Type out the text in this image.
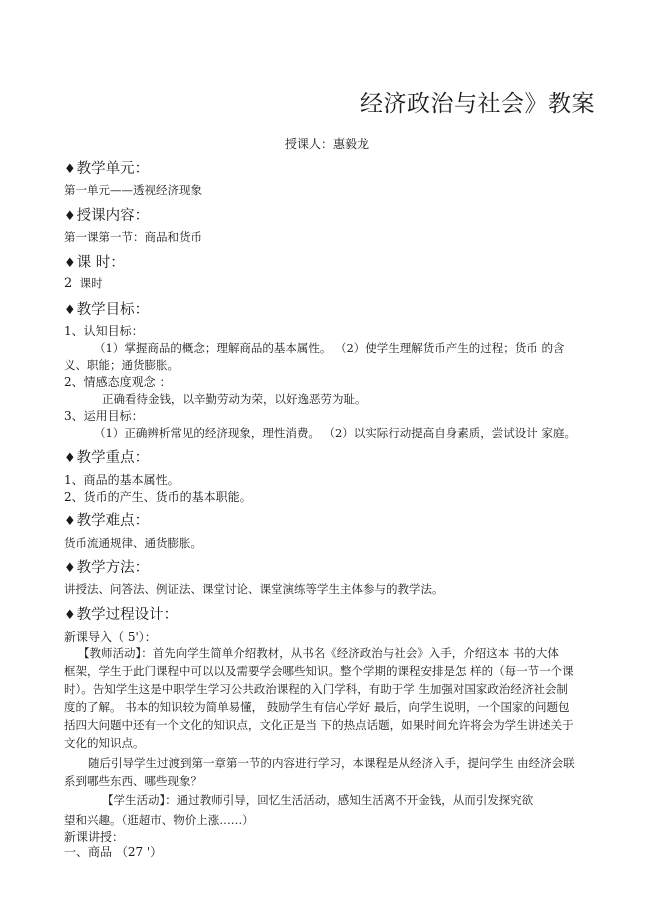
经济政治与社会》教案
授课人：惠毅龙
♦教学单元：
第一单元——透视经济现象
♦授课内容：
第一课第一节：商品和货币
♦课 时：
2 课时
♦教学目标：
1、认知目标：
（1）掌握商品的概念；理解商品的基本属性。 （2）使学生理解货币产生的过程；货币 的含
义、职能；通货膨胀。
2、情感态度观念 ：
正确看待金钱，以辛勤劳动为荣，以好逸恶劳为耻。
3、运用目标：
（1）正确辨析常见的经济现象，理性消费。 （2）以实际行动提高自身素质，尝试设计 家庭。
♦教学重点：
1、商品的基本属性。
2、货币的产生、货币的基本职能。
♦教学难点：
货币流通规律、通货膨胀。
♦教学方法：
讲授法、问答法、例证法、课堂讨论、课堂演练等学生主体参与的教学法。
♦教学过程设计：
新课导入（ 5'）：
【教师活动】：首先向学生简单介绍教材，从书名《经济政治与社会》入手，介绍这本 书的大体
框架，学生于此门课程中可以以及需要学会哪些知识。整个学期的课程安排是怎 样的（每一节一个课
时）。告知学生这是中职学生学习公共政治课程的入门学科，有助于学 生加强对国家政治经济社会制
度的了解。 书本的知识较为简单易懂， 鼓励学生有信心学好 最后，向学生说明，一个国家的问题包
括四大问题中还有一个文化的知识点，文化正是当 下的热点话题，如果时间允许将会为学生讲述关于
文化的知识点。
随后引导学生过渡到第一章第一节的内容进行学习，本课程是从经济入手，提问学生 由经济会联
系到哪些东西、哪些现象？
【学生活动】：通过教师引导，回忆生活活动，感知生活离不开金钱，从而引发探究欲
望和兴趣。（逛超市、物价上涨……）
新课讲授：
一、商品 （27 '）
